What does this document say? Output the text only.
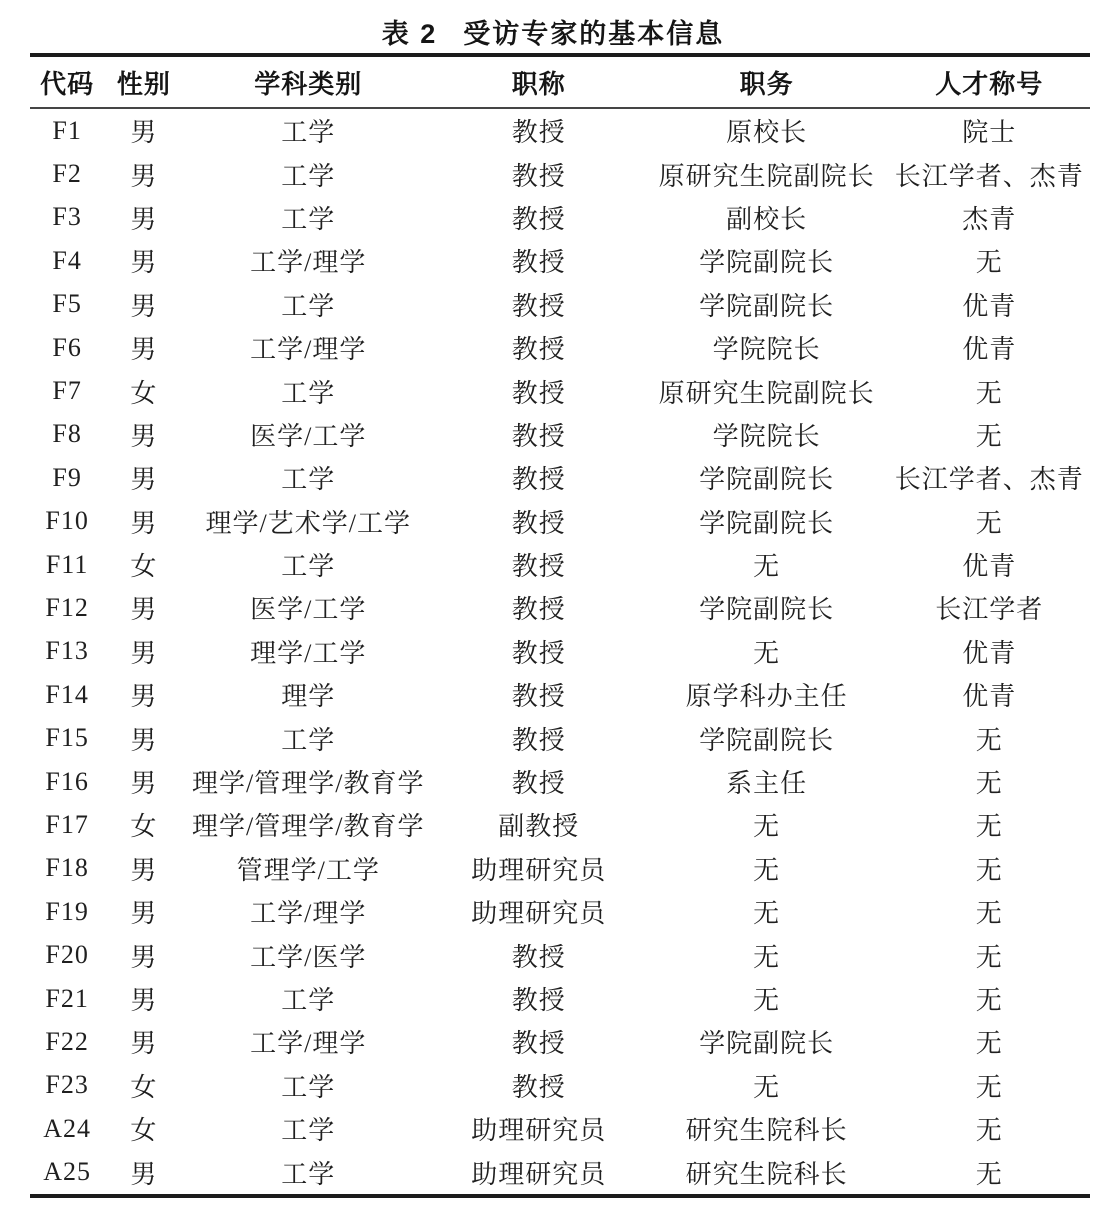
表 2 受访专家的基本信息
代码	性别	学科类别	职称	职务	人才称号
F1	男	工学	教授	原校长	院士
F2	男	工学	教授	原研究生院副院长	长江学者、杰青
F3	男	工学	教授	副校长	杰青
F4	男	工学/理学	教授	学院副院长	无
F5	男	工学	教授	学院副院长	优青
F6	男	工学/理学	教授	学院院长	优青
F7	女	工学	教授	原研究生院副院长	无
F8	男	医学/工学	教授	学院院长	无
F9	男	工学	教授	学院副院长	长江学者、杰青
F10	男	理学/艺术学/工学	教授	学院副院长	无
F11	女	工学	教授	无	优青
F12	男	医学/工学	教授	学院副院长	长江学者
F13	男	理学/工学	教授	无	优青
F14	男	理学	教授	原学科办主任	优青
F15	男	工学	教授	学院副院长	无
F16	男	理学/管理学/教育学	教授	系主任	无
F17	女	理学/管理学/教育学	副教授	无	无
F18	男	管理学/工学	助理研究员	无	无
F19	男	工学/理学	助理研究员	无	无
F20	男	工学/医学	教授	无	无
F21	男	工学	教授	无	无
F22	男	工学/理学	教授	学院副院长	无
F23	女	工学	教授	无	无
A24	女	工学	助理研究员	研究生院科长	无
A25	男	工学	助理研究员	研究生院科长	无
